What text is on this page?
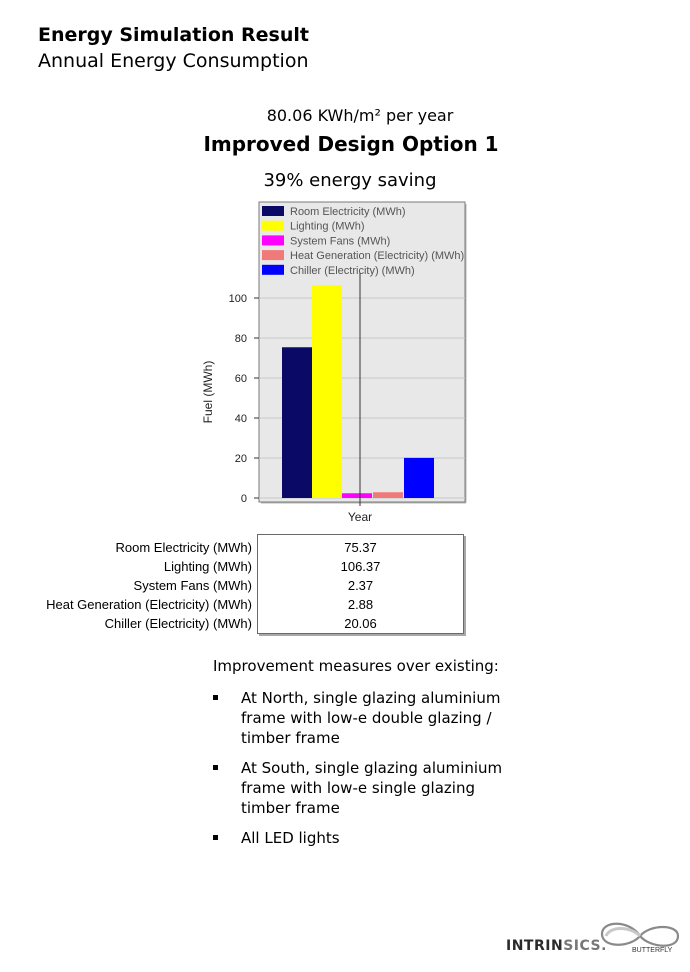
Energy Simulation Result
Annual Energy Consumption
80.06 KWh/m² per year
Improved Design Option 1
39% energy saving
0
20
40
60
80
100
Room Electricity (MWh)
Lighting (MWh)
System Fans (MWh)
Heat Generation (Electricity) (MWh)
Chiller (Electricity) (MWh)
Year
Fuel (MWh)
Room Electricity (MWh)
Lighting (MWh)
System Fans (MWh)
Heat Generation (Electricity) (MWh)
Chiller (Electricity) (MWh)
75.37
106.37
2.37
2.88
20.06
Improvement measures over existing:
At North, single glazing aluminium frame with low-e double glazing / timber frame
At South, single glazing aluminium frame with low-e single glazing timber frame
All LED lights
INTRINSICS.	BUTTERFLY
